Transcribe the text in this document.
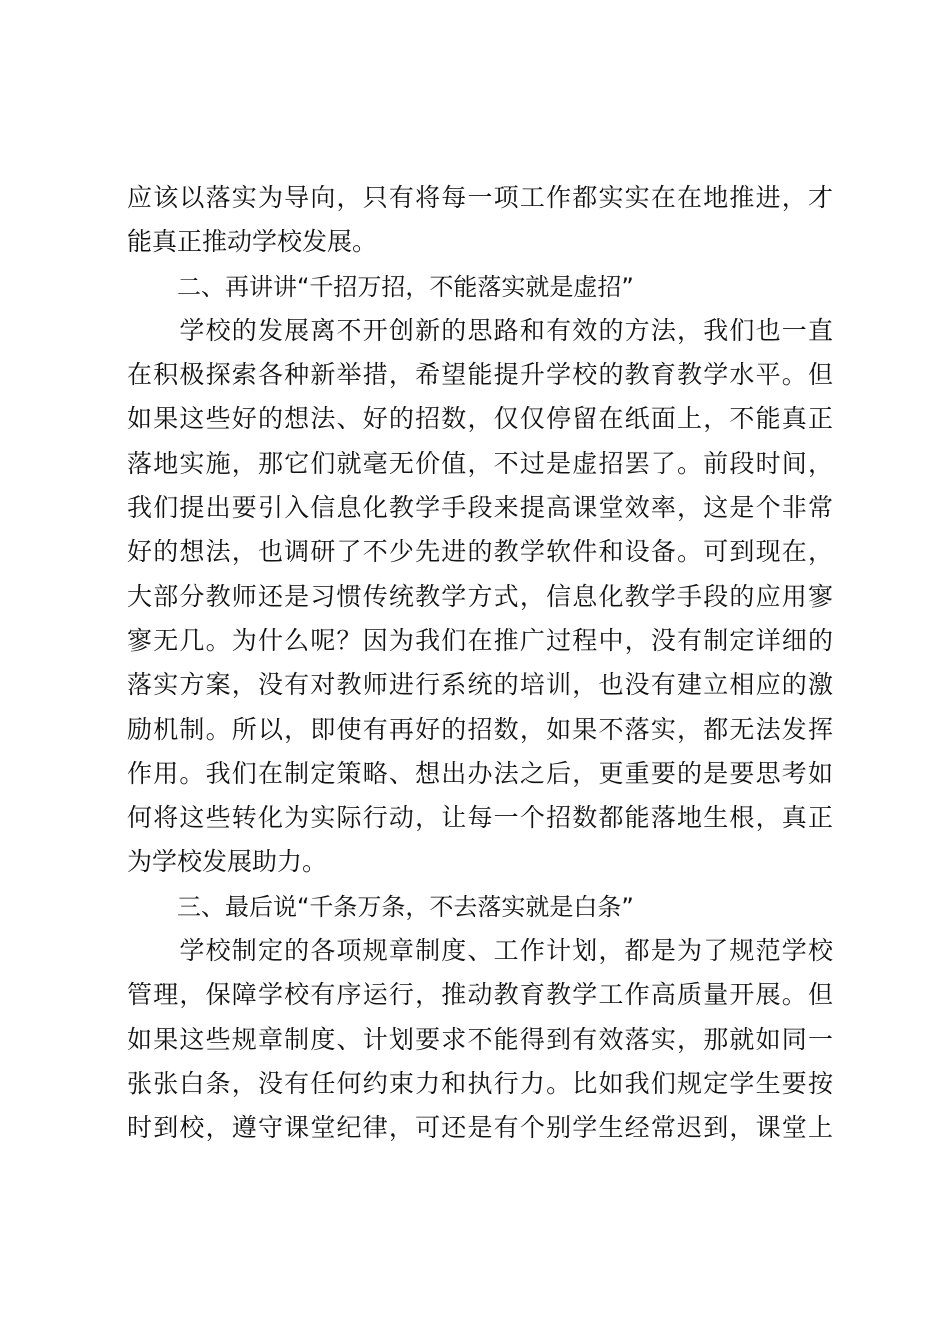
应该以落实为导向，只有将每一项工作都实实在在地推进，才
能真正推动学校发展。
二、再讲讲“千招万招，不能落实就是虚招”
　　学校的发展离不开创新的思路和有效的方法，我们也一直
在积极探索各种新举措，希望能提升学校的教育教学水平。但
如果这些好的想法、好的招数，仅仅停留在纸面上，不能真正
落地实施，那它们就毫无价值，不过是虚招罢了。前段时间，
我们提出要引入信息化教学手段来提高课堂效率，这是个非常
好的想法，也调研了不少先进的教学软件和设备。可到现在，
大部分教师还是习惯传统教学方式，信息化教学手段的应用寥
寥无几。为什么呢？因为我们在推广过程中，没有制定详细的
落实方案，没有对教师进行系统的培训，也没有建立相应的激
励机制。所以，即使有再好的招数，如果不落实，都无法发挥
作用。我们在制定策略、想出办法之后，更重要的是要思考如
何将这些转化为实际行动，让每一个招数都能落地生根，真正
为学校发展助力。
三、最后说“千条万条，不去落实就是白条”
　　学校制定的各项规章制度、工作计划，都是为了规范学校
管理，保障学校有序运行，推动教育教学工作高质量开展。但
如果这些规章制度、计划要求不能得到有效落实，那就如同一
张张白条，没有任何约束力和执行力。比如我们规定学生要按
时到校，遵守课堂纪律，可还是有个别学生经常迟到，课堂上
